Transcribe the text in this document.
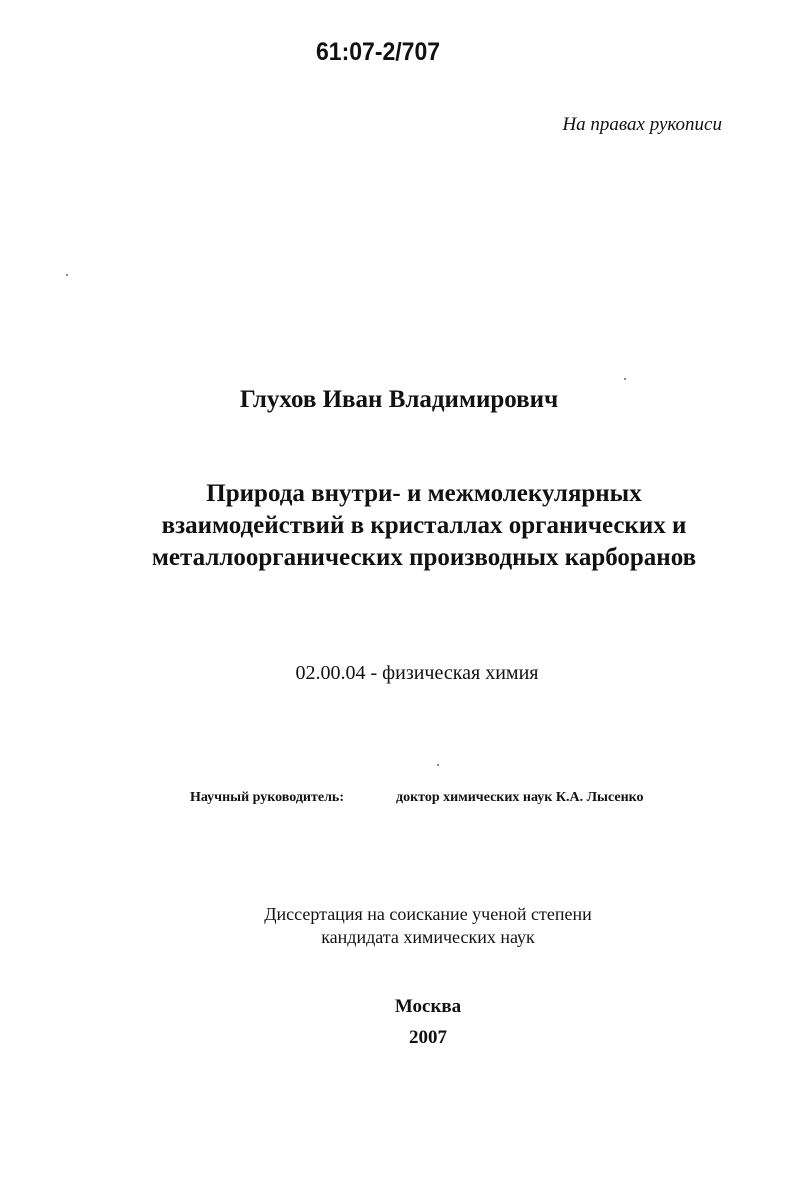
61:07-2/707
На правах рукописи
Глухов Иван Владимирович
Природа внутри- и межмолекулярных
взаимодействий в кристаллах органических и
металлоорганических производных карборанов
02.00.04 - физическая химия
Научный руководитель:	доктор химических наук К.А. Лысенко
Диссертация на соискание ученой степени
кандидата химических наук
Москва
2007
